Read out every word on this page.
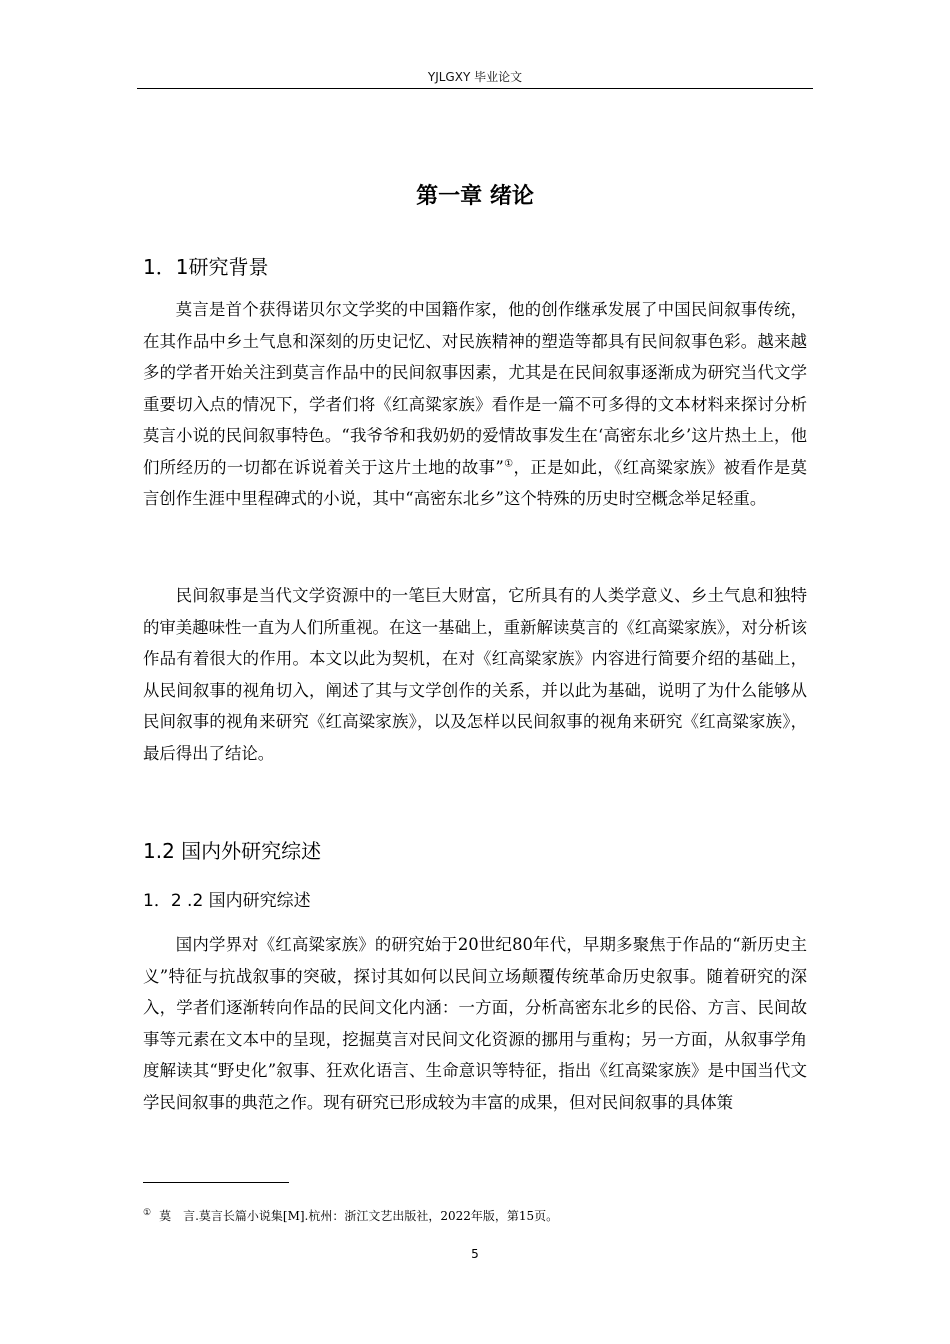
YJLGXY 毕业论文
第一章 绪论
1．1研究背景

莫言是首个获得诺贝尔文学奖的中国籍作家，他的创作继承发展了中国民间叙事传统，在其作品中乡土气息和深刻的历史记忆、对民族精神的塑造等都具有民间叙事色彩。越来越多的学者开始关注到莫言作品中的民间叙事因素，尤其是在民间叙事逐渐成为研究当代文学重要切入点的情况下，学者们将《红高粱家族》看作是一篇不可多得的文本材料来探讨分析莫言小说的民间叙事特色。“我爷爷和我奶奶的爱情故事发生在‘高密东北乡’这片热土上，他们所经历的一切都在诉说着关于这片土地的故事”①，正是如此，《红高粱家族》被看作是莫言创作生涯中里程碑式的小说，其中“高密东北乡”这个特殊的历史时空概念举足轻重。

民间叙事是当代文学资源中的一笔巨大财富，它所具有的人类学意义、乡土气息和独特的审美趣味性一直为人们所重视。在这一基础上，重新解读莫言的《红高粱家族》，对分析该作品有着很大的作用。本文以此为契机，在对《红高粱家族》内容进行简要介绍的基础上，从民间叙事的视角切入，阐述了其与文学创作的关系，并以此为基础，说明了为什么能够从民间叙事的视角来研究《红高粱家族》，以及怎样以民间叙事的视角来研究《红高粱家族》，最后得出了结论。

1.2 国内外研究综述
1．2 .2 国内研究综述

国内学界对《红高粱家族》的研究始于20世纪80年代，早期多聚焦于作品的“新历史主义”特征与抗战叙事的突破，探讨其如何以民间立场颠覆传统革命历史叙事。随着研究的深入，学者们逐渐转向作品的民间文化内涵：一方面，分析高密东北乡的民俗、方言、民间故事等元素在文本中的呈现，挖掘莫言对民间文化资源的挪用与重构；另一方面，从叙事学角度解读其“野史化”叙事、狂欢化语言、生命意识等特征，指出《红高粱家族》是中国当代文学民间叙事的典范之作。现有研究已形成较为丰富的成果，但对民间叙事的具体策

① 莫　言.莫言长篇小说集[M].杭州：浙江文艺出版社，2022年版，第15页。
5
